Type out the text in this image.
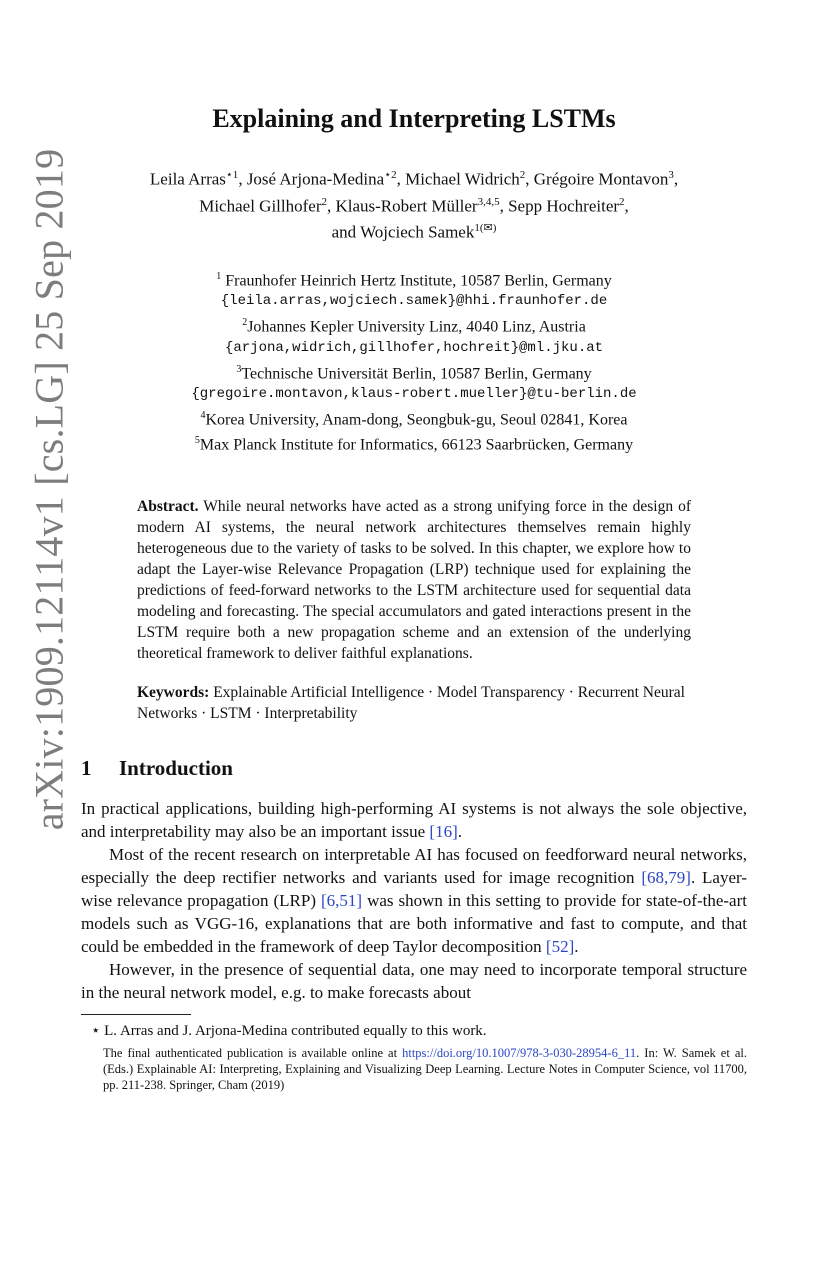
arXiv:1909.12114v1 [cs.LG] 25 Sep 2019
Explaining and Interpreting LSTMs
Leila Arras$^{⋆1}$, José Arjona-Medina$^{⋆2}$, Michael Widrich$^2$, Grégoire Montavon$^3$,
Michael Gillhofer$^2$, Klaus-Robert Müller$^{3,4,5}$, Sepp Hochreiter$^2$,
and Wojciech Samek$^{1(✉)}$
$^1$ Fraunhofer Heinrich Hertz Institute, 10587 Berlin, Germany
{leila.arras,wojciech.samek}@hhi.fraunhofer.de
$^2$Johannes Kepler University Linz, 4040 Linz, Austria
{arjona,widrich,gillhofer,hochreit}@ml.jku.at
$^3$Technische Universität Berlin, 10587 Berlin, Germany
{gregoire.montavon,klaus-robert.mueller}@tu-berlin.de
$^4$Korea University, Anam-dong, Seongbuk-gu, Seoul 02841, Korea
$^5$Max Planck Institute for Informatics, 66123 Saarbrücken, Germany
Abstract. While neural networks have acted as a strong unifying force in the design of modern AI systems, the neural network architectures themselves remain highly heterogeneous due to the variety of tasks to be solved. In this chapter, we explore how to adapt the Layer-wise Relevance Propagation (LRP) technique used for explaining the predictions of feed-forward networks to the LSTM architecture used for sequential data modeling and forecasting. The special accumulators and gated interactions present in the LSTM require both a new propagation scheme and an extension of the underlying theoretical framework to deliver faithful explanations.
Keywords: Explainable Artificial Intelligence · Model Transparency · Recurrent Neural Networks · LSTM · Interpretability
1 Introduction

In practical applications, building high-performing AI systems is not always the sole objective, and interpretability may also be an important issue [16].

Most of the recent research on interpretable AI has focused on feedforward neural networks, especially the deep rectifier networks and variants used for image recognition [68,79]. Layer-wise relevance propagation (LRP) [6,51] was shown in this setting to provide for state-of-the-art models such as VGG-16, explanations that are both informative and fast to compute, and that could be embedded in the framework of deep Taylor decomposition [52].

However, in the presence of sequential data, one may need to incorporate temporal structure in the neural network model, e.g. to make forecasts about

⋆ L. Arras and J. Arjona-Medina contributed equally to this work.
The final authenticated publication is available online at https://doi.org/10.1007/978-3-030-28954-6_11. In: W. Samek et al. (Eds.) Explainable AI: Interpreting, Explaining and Visualizing Deep Learning. Lecture Notes in Computer Science, vol 11700, pp. 211-238. Springer, Cham (2019)
